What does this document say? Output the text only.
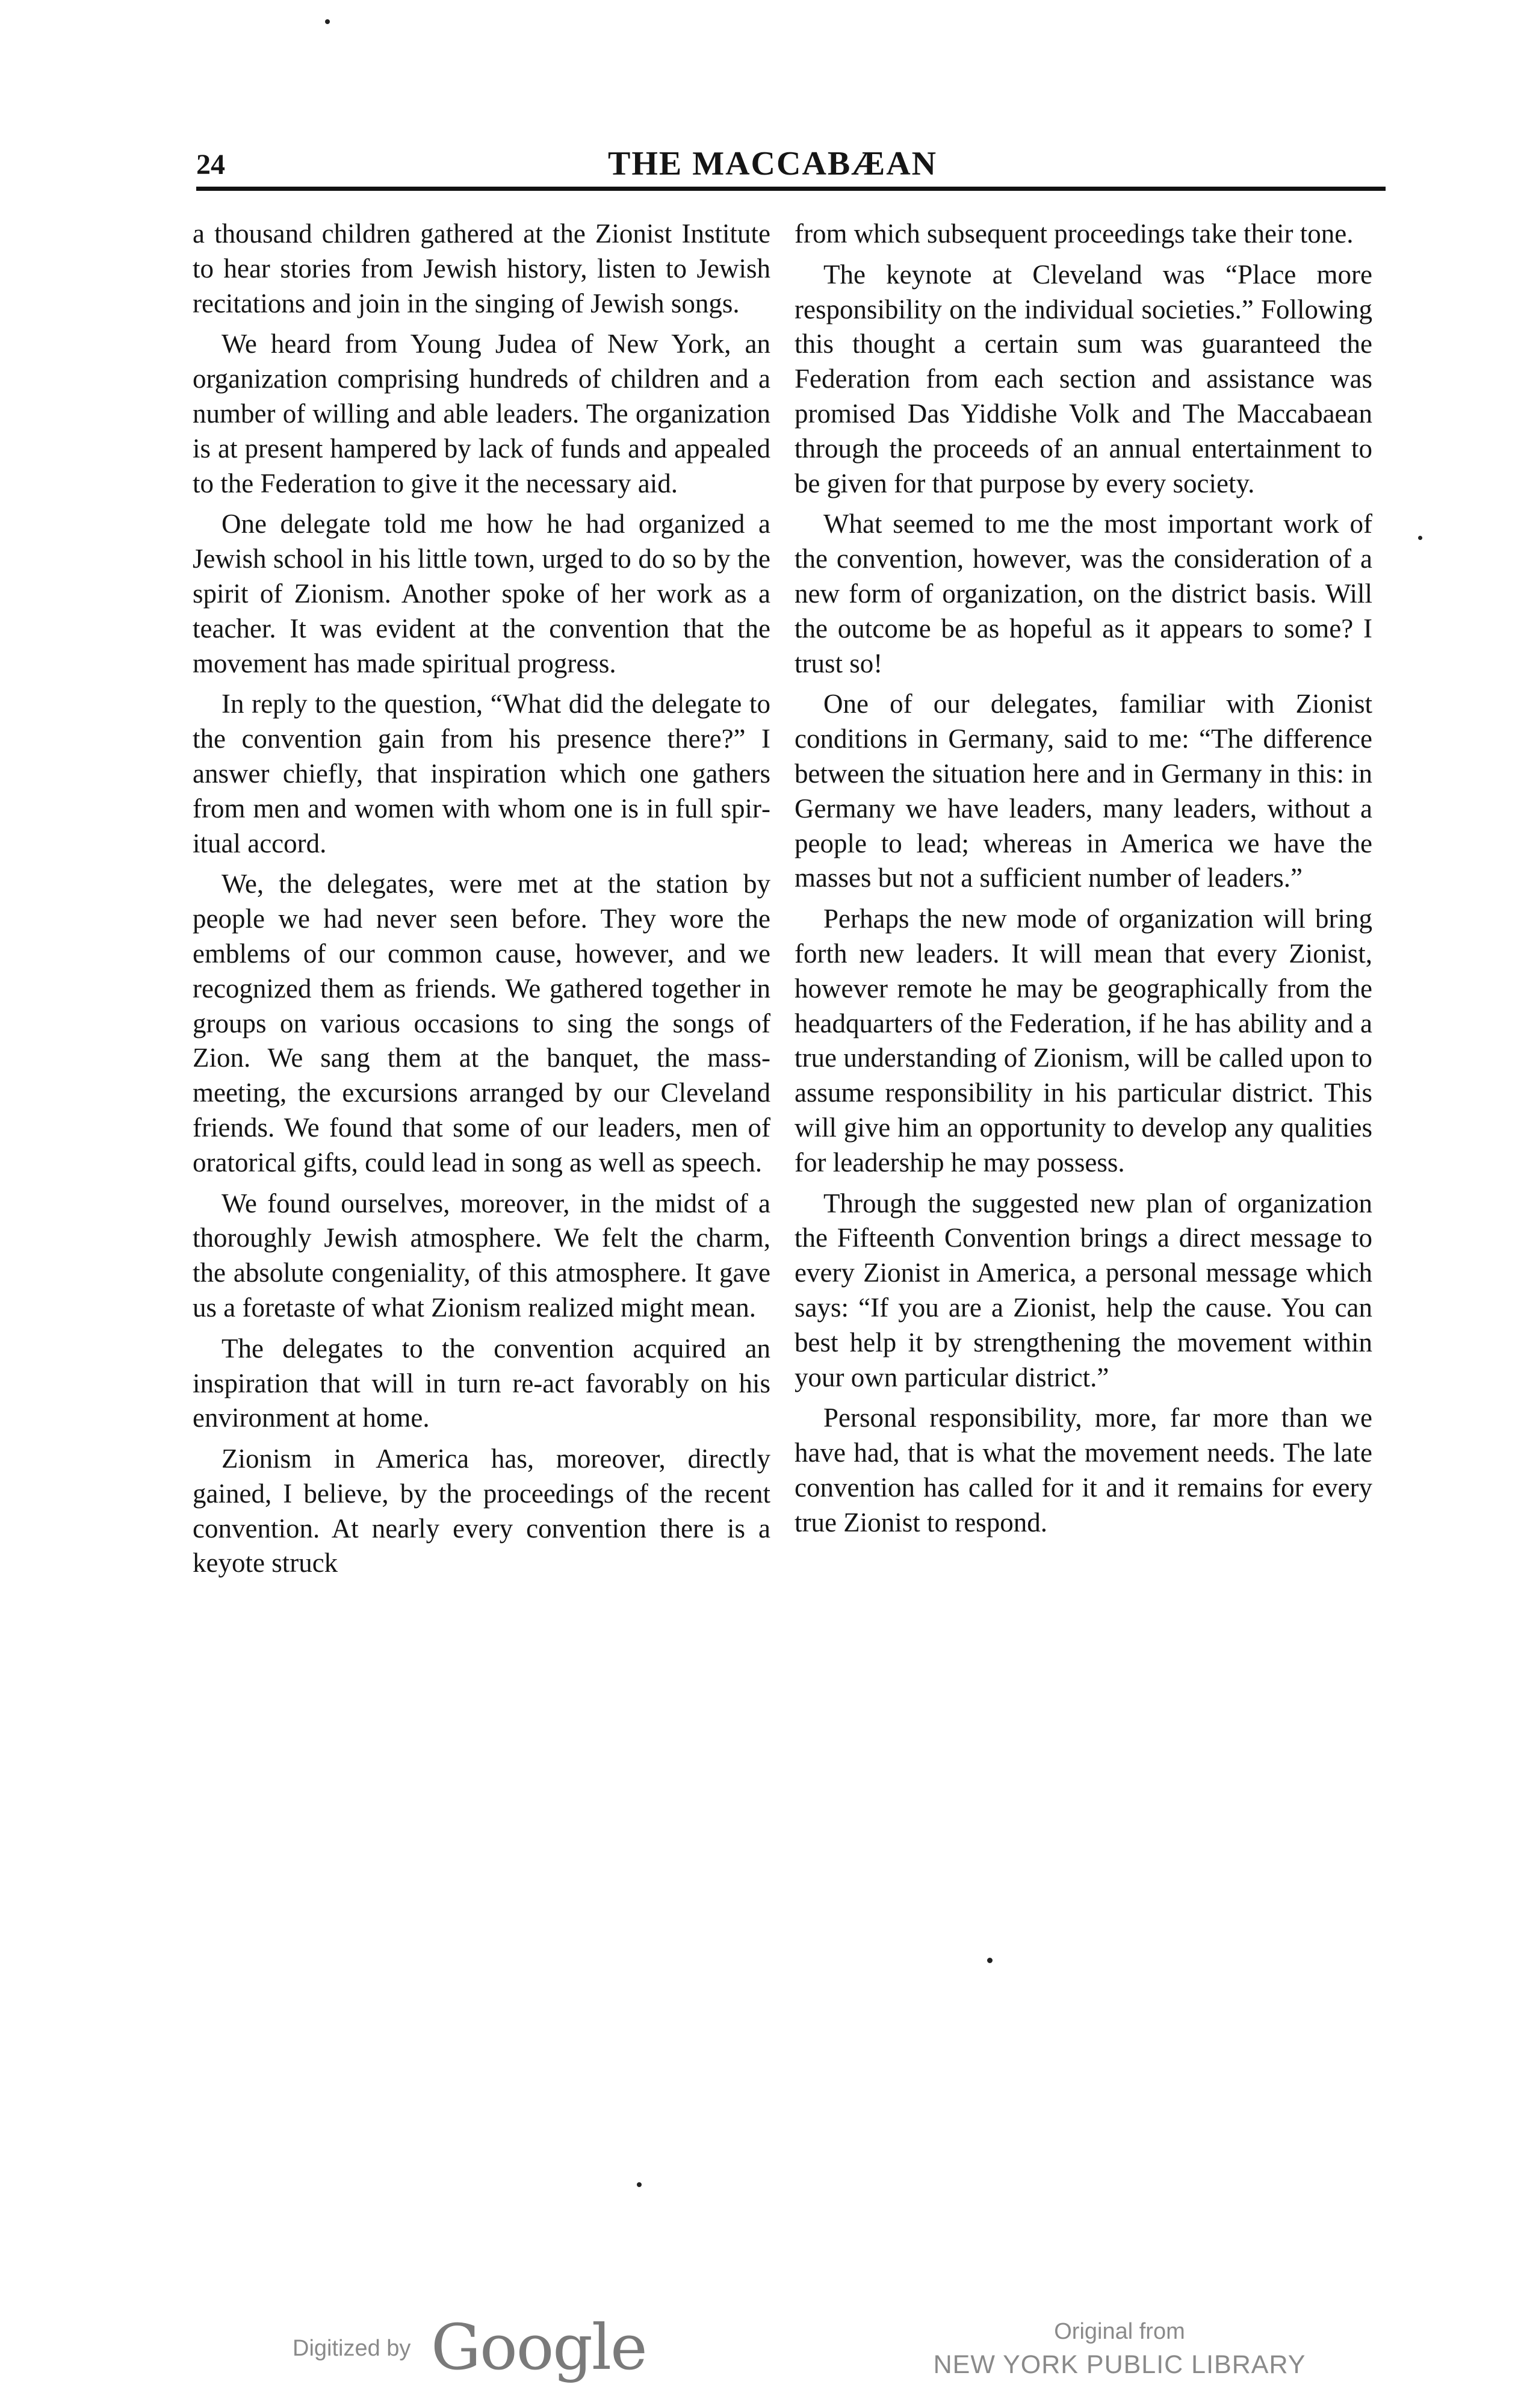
24	THE MACCABÆAN

a thousand children gathered at the Zionist Institute to hear stories from Jewish history, listen to Jewish recitations and join in the singing of Jewish songs.

We heard from Young Judea of New York, an organization comprising hundreds of children and a number of willing and able leaders. The organization is at present hampered by lack of funds and appealed to the Federation to give it the necessary aid.

One delegate told me how he had organized a Jewish school in his little town, urged to do so by the spirit of Zionism. Another spoke of her work as a teacher. It was evident at the convention that the movement has made spiritual progress.

In reply to the question, “What did the delegate to the convention gain from his presence there?” I answer chiefly, that inspiration which one gathers from men and women with whom one is in full spiritual accord.

We, the delegates, were met at the station by people we had never seen before. They wore the emblems of our common cause, however, and we recognized them as friends. We gathered together in groups on various occasions to sing the songs of Zion. We sang them at the banquet, the mass-meeting, the excursions arranged by our Cleveland friends. We found that some of our leaders, men of oratorical gifts, could lead in song as well as speech.

We found ourselves, moreover, in the midst of a thoroughly Jewish atmosphere. We felt the charm, the absolute congeniality, of this atmosphere. It gave us a foretaste of what Zionism realized might mean.

The delegates to the convention acquired an inspiration that will in turn re-act favorably on his environment at home.

Zionism in America has, moreover, directly gained, I believe, by the proceedings of the recent convention. At nearly every convention there is a keyote struck

from which subsequent proceedings take their tone.

The keynote at Cleveland was “Place more responsibility on the individual societies.” Following this thought a certain sum was guaranteed the Federation from each section and assistance was promised Das Yiddishe Volk and The Maccabaean through the proceeds of an annual entertainment to be given for that purpose by every society.

What seemed to me the most important work of the convention, however, was the consideration of a new form of organization, on the district basis. Will the outcome be as hopeful as it appears to some? I trust so!

One of our delegates, familiar with Zionist conditions in Germany, said to me: “The difference between the situation here and in Germany in this: in Germany we have leaders, many leaders, without a people to lead; whereas in America we have the masses but not a sufficient number of leaders.”

Perhaps the new mode of organization will bring forth new leaders. It will mean that every Zionist, however remote he may be geographically from the headquarters of the Federation, if he has ability and a true understanding of Zionism, will be called upon to assume responsibility in his particular district. This will give him an opportunity to develop any qualities for leadership he may possess.

Through the suggested new plan of organization the Fifteenth Convention brings a direct message to every Zionist in America, a personal message which says: “If you are a Zionist, help the cause. You can best help it by strengthening the movement within your own particular district.”

Personal responsibility, more, far more than we have had, that is what the movement needs. The late convention has called for it and it remains for every true Zionist to respond.

Digitized by Google	Original from
NEW YORK PUBLIC LIBRARY
